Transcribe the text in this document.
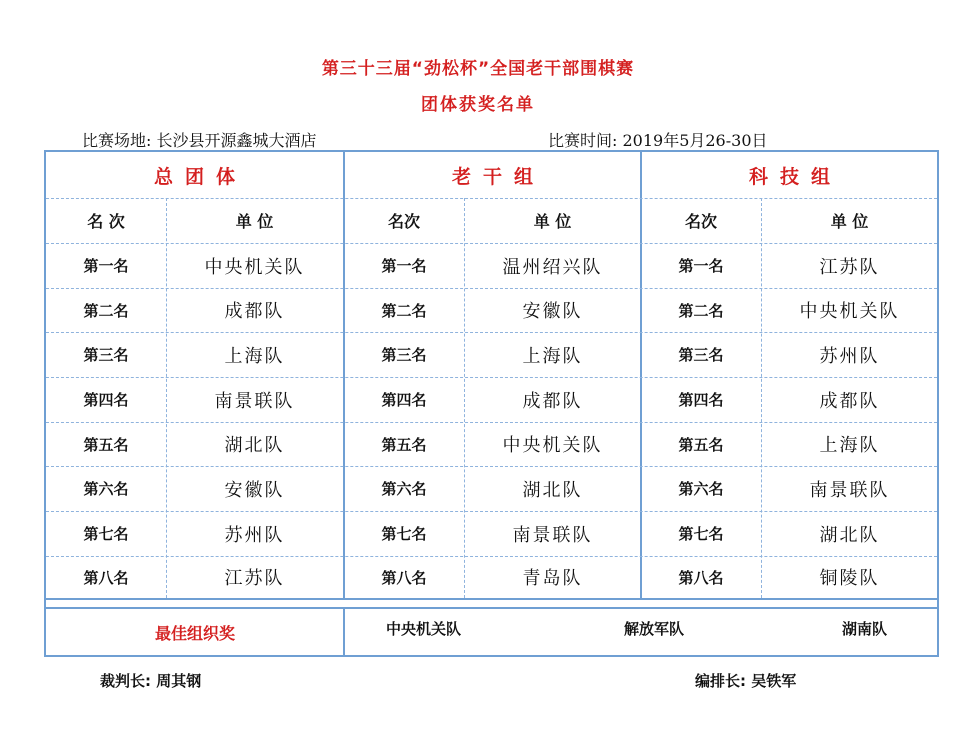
第三十三届“劲松杯”全国老干部围棋赛
团体获奖名单
比赛场地: 长沙县开源鑫城大酒店	比赛时间: 2019年5月26-30日
总团体
名 次	单 位
第一名	中央机关队
第二名	成都队
第三名	上海队
第四名	南景联队
第五名	湖北队
第六名	安徽队
第七名	苏州队
第八名	江苏队
老干组
名次	单 位
第一名	温州绍兴队
第二名	安徽队
第三名	上海队
第四名	成都队
第五名	中央机关队
第六名	湖北队
第七名	南景联队
第八名	青岛队
科技组
名次	单 位
第一名	江苏队
第二名	中央机关队
第三名	苏州队
第四名	成都队
第五名	上海队
第六名	南景联队
第七名	湖北队
第八名	铜陵队
最佳组织奖	中央机关队	解放军队	湖南队
裁判长: 周其钢	编排长: 吴铁军
